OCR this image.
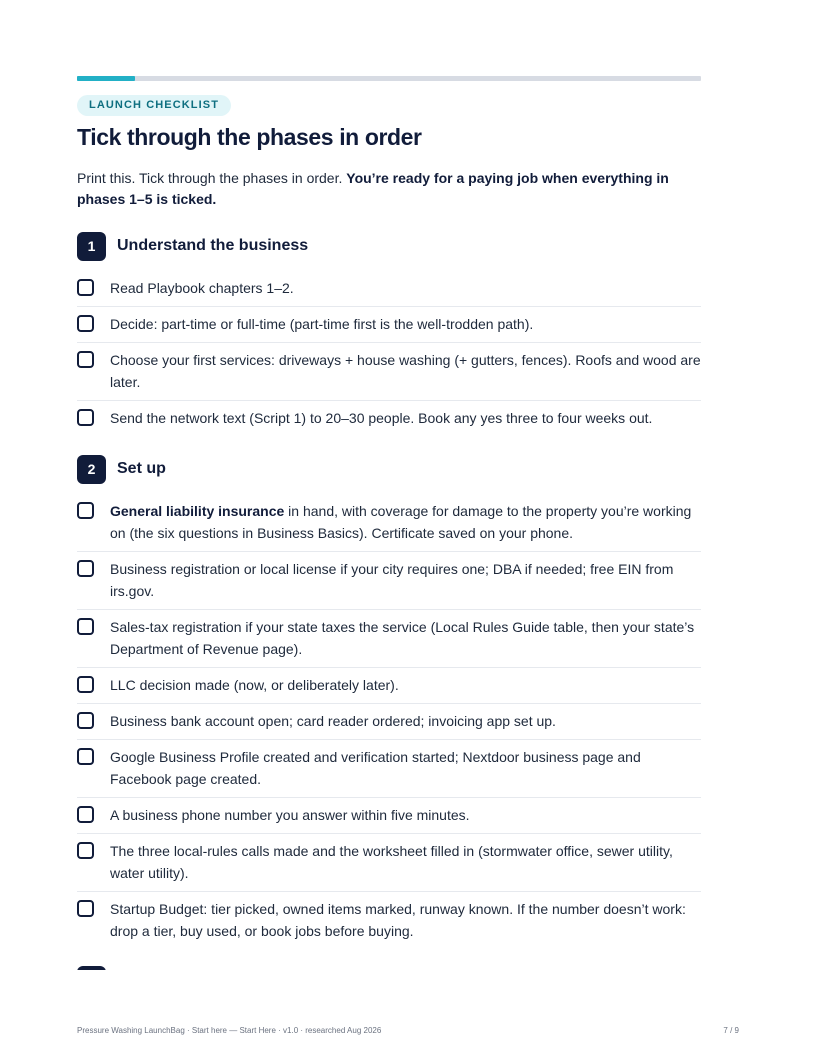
LAUNCH CHECKLIST
Tick through the phases in order

Print this. Tick through the phases in order. You’re ready for a paying job when everything in phases 1–5 is ticked.

1	Understand the business
Read Playbook chapters 1–2.
Decide: part-time or full-time (part-time first is the well-trodden path).
Choose your first services: driveways + house washing (+ gutters, fences). Roofs and wood are later.
Send the network text (Script 1) to 20–30 people. Book any yes three to four weeks out.
2	Set up
General liability insurance in hand, with coverage for damage to the property you’re working on (the six questions in Business Basics). Certificate saved on your phone.
Business registration or local license if your city requires one; DBA if needed; free EIN from irs.gov.
Sales-tax registration if your state taxes the service (Local Rules Guide table, then your state’s Department of Revenue page).
LLC decision made (now, or deliberately later).
Business bank account open; card reader ordered; invoicing app set up.
Google Business Profile created and verification started; Nextdoor business page and Facebook page created.
A business phone number you answer within five minutes.
The three local-rules calls made and the worksheet filled in (stormwater office, sewer utility, water utility).
Startup Budget: tier picked, owned items marked, runway known. If the number doesn’t work: drop a tier, buy used, or book jobs before buying.
Pressure Washing LaunchBag · Start here — Start Here · v1.0 · researched Aug 2026	7 / 9
